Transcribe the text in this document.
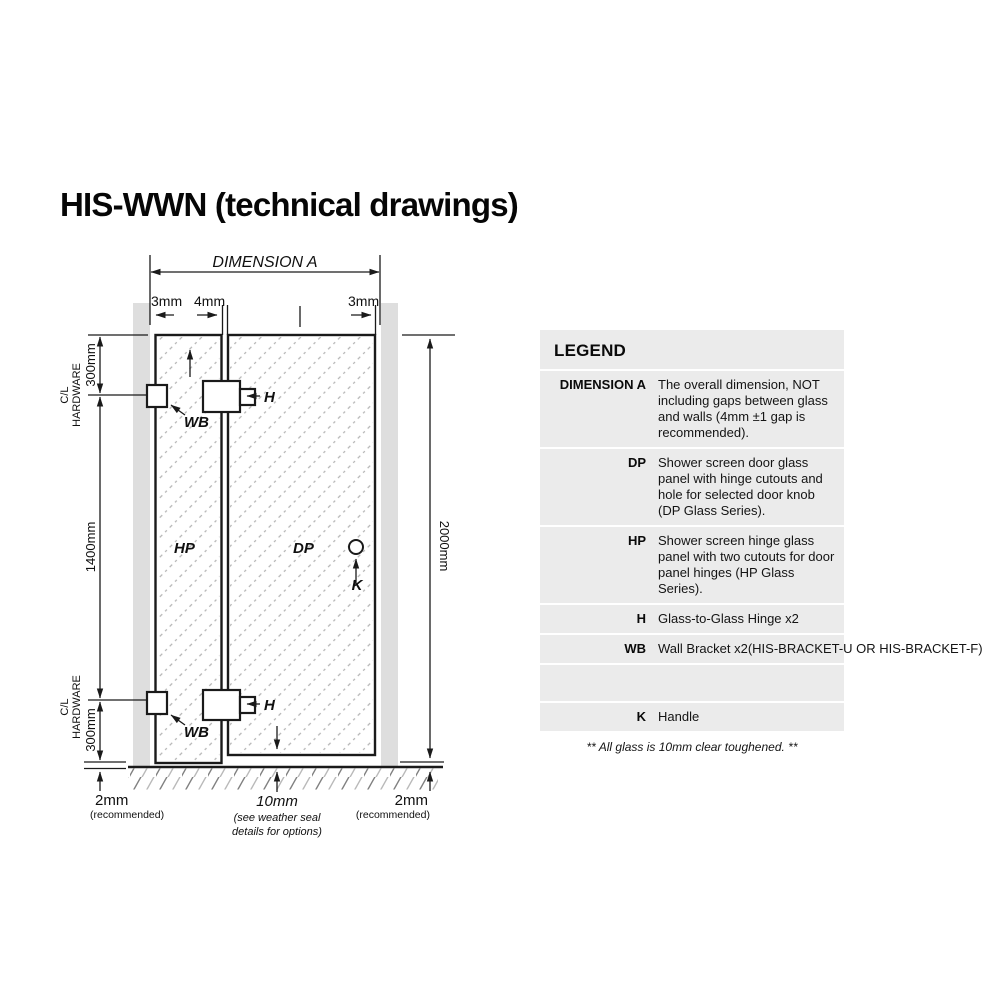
HIS-WWN (technical drawings)
DIMENSION A
3mm 4mm	3mm
H
WB
H
WB
HP	DP
K
300mm
1400mm
300mm
C/L HARDWARE
C/L HARDWARE
2mm
(recommended)
2000mm
2mm
(recommended)
10mm
(see weather seal
details for options)
LEGEND
DIMENSION A The overall dimension, NOT including gaps between glass and walls (4mm ±1 gap is recommended).
DP Shower screen door glass panel with hinge cutouts and hole for selected door knob (DP Glass Series).
HP Shower screen hinge glass panel with two cutouts for door panel hinges (HP Glass Series).
H Glass-to-Glass Hinge x2
WB Wall Bracket x2(HIS-BRACKET-U OR HIS-BRACKET-F)
K Handle
** All glass is 10mm clear toughened. **
